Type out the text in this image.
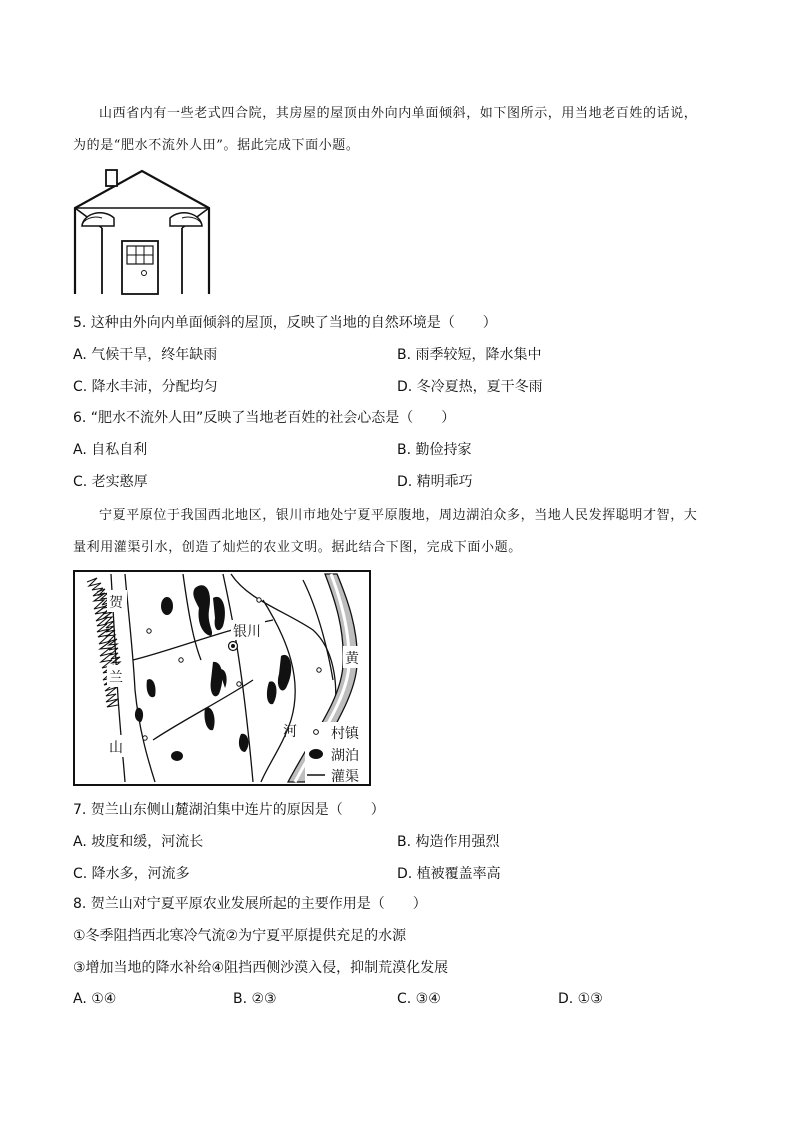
山西省内有一些老式四合院，其房屋的屋顶由外向内单面倾斜，如下图所示，用当地老百姓的话说，
为的是“肥水不流外人田”。据此完成下面小题。
5. 这种由外向内单面倾斜的屋顶，反映了当地的自然环境是（　　）
A. 气候干旱，终年缺雨	B. 雨季较短，降水集中
C. 降水丰沛，分配均匀	D. 冬冷夏热，夏干冬雨
6. “肥水不流外人田”反映了当地老百姓的社会心态是（　　）
A. 自私自利	B. 勤俭持家
C. 老实憨厚	D. 精明乖巧
宁夏平原位于我国西北地区，银川市地处宁夏平原腹地，周边湖泊众多，当地人民发挥聪明才智，大
量利用灌渠引水，创造了灿烂的农业文明。据此结合下图，完成下面小题。
贺
兰
山
银川
黄
河 村镇
湖泊
灌渠
7. 贺兰山东侧山麓湖泊集中连片的原因是（　　）
A. 坡度和缓，河流长	B. 构造作用强烈
C. 降水多，河流多	D. 植被覆盖率高
8. 贺兰山对宁夏平原农业发展所起的主要作用是（　　）
①冬季阻挡西北寒冷气流②为宁夏平原提供充足的水源
③增加当地的降水补给④阻挡西侧沙漠入侵，抑制荒漠化发展
A. ①④	B. ②③	C. ③④	D. ①③
